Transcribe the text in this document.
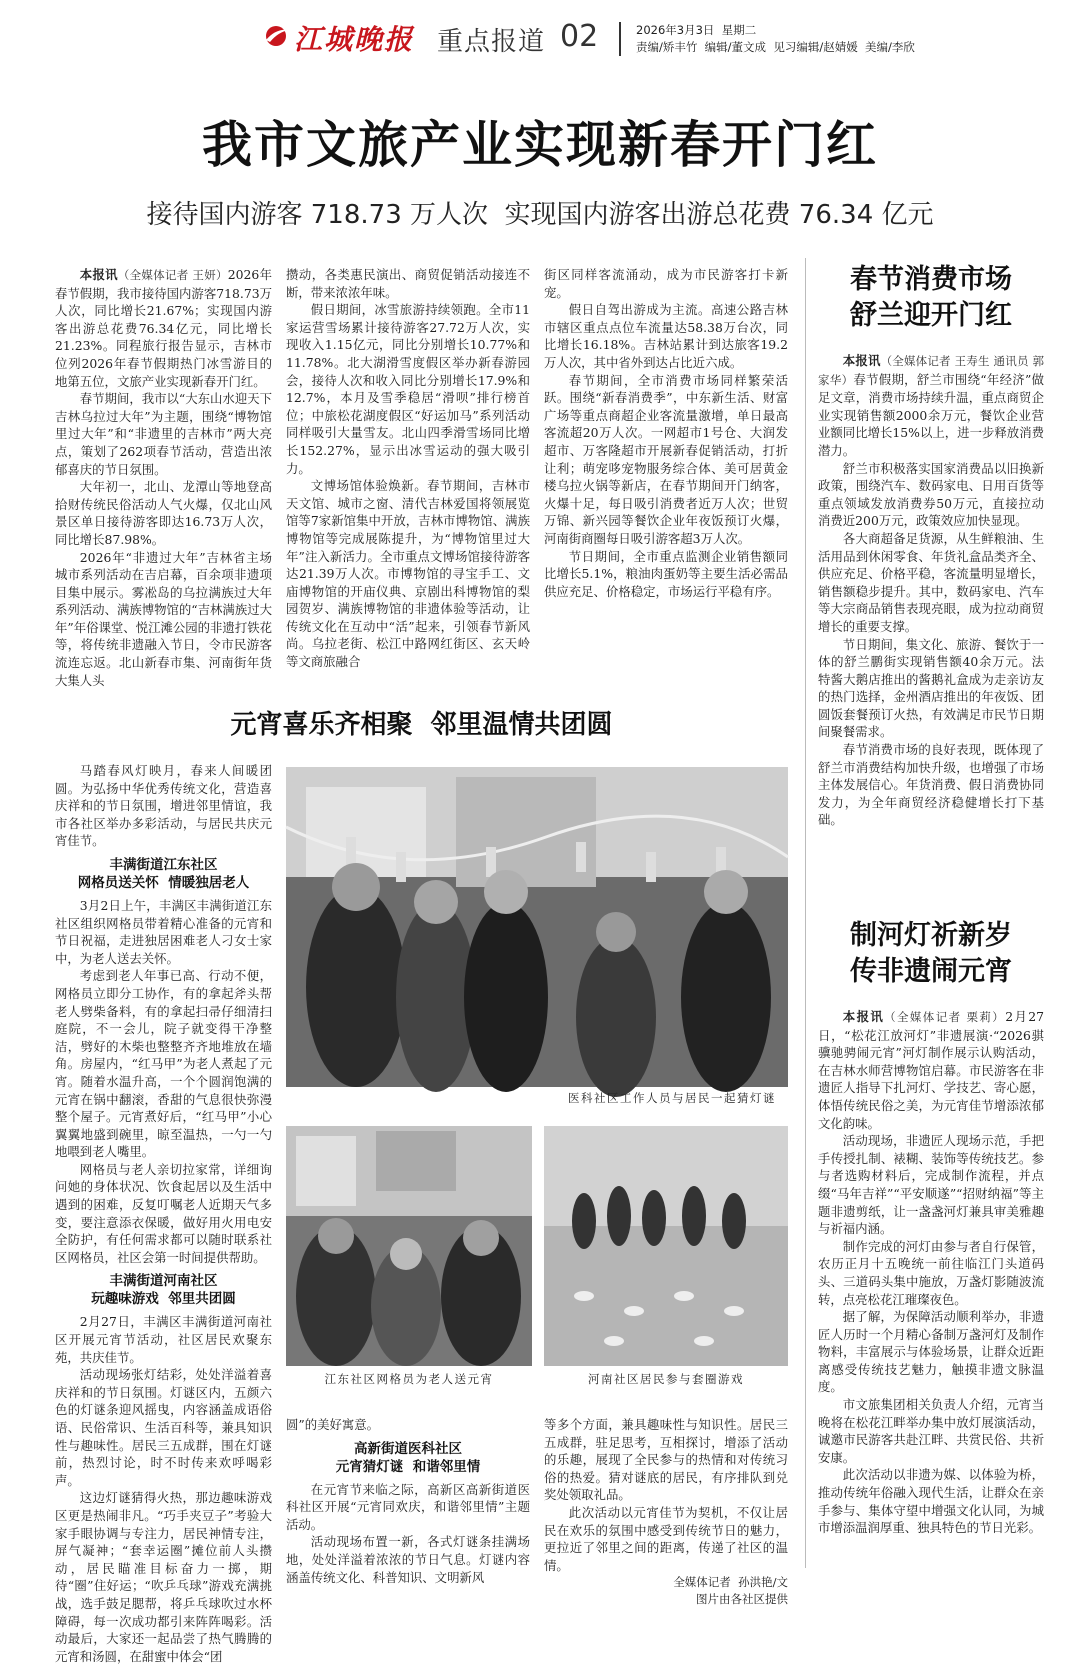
江城晚报 重点报道 02	2026年3月3日 星期二
责编/矫丰竹  编辑/董文成  见习编辑/赵婧媛  美编/李欣
我市文旅产业实现新春开门红
接待国内游客 718.73 万人次  实现国内游客出游总花费 76.34 亿元

本报讯（全媒体记者 王妍）2026年春节假期，我市接待国内游客718.73万人次，同比增长21.67%；实现国内游客出游总花费76.34亿元，同比增长21.23%。同程旅行报告显示，吉林市位列2026年春节假期热门冰雪游目的地第五位，文旅产业实现新春开门红。

春节期间，我市以“大东山水迎天下 吉林乌拉过大年”为主题，围绕“博物馆里过大年”和“非遗里的吉林市”两大亮点，策划了262项春节活动，营造出浓郁喜庆的节日氛围。

大年初一，北山、龙潭山等地登高拾财传统民俗活动人气火爆，仅北山风景区单日接待游客即达16.73万人次，同比增长87.98%。

2026年“非遗过大年”吉林省主场城市系列活动在吉启幕，百余项非遗项目集中展示。雾凇岛的乌拉满族过大年系列活动、满族博物馆的“吉林满族过大年”年俗课堂、悦江滩公园的非遗打铁花等，将传统非遗融入节日，令市民游客流连忘返。北山新春市集、河南街年货大集人头

攒动，各类惠民演出、商贸促销活动接连不断，带来浓浓年味。

假日期间，冰雪旅游持续领跑。全市11家运营雪场累计接待游客27.72万人次，实现收入1.15亿元，同比分别增长10.77%和11.78%。北大湖滑雪度假区举办新春游园会，接待人次和收入同比分别增长17.9%和12.7%，本月及雪季稳居“滑呗”排行榜首位；中旅松花湖度假区“好运加马”系列活动同样吸引大量雪友。北山四季滑雪场同比增长152.27%，显示出冰雪运动的强大吸引力。

文博场馆体验焕新。春节期间，吉林市天文馆、城市之窗、清代吉林爱国将领展览馆等7家新馆集中开放，吉林市博物馆、满族博物馆等完成展陈提升，为“博物馆里过大年”注入新活力。全市重点文博场馆接待游客达21.39万人次。市博物馆的寻宝手工、文庙博物馆的开庙仪典、京剧出科博物馆的梨园贺岁、满族博物馆的非遗体验等活动，让传统文化在互动中“活”起来，引领春节新风尚。乌拉老街、松江中路网红街区、玄天岭等文商旅融合

街区同样客流涌动，成为市民游客打卡新宠。

假日自驾出游成为主流。高速公路吉林市辖区重点点位车流量达58.38万台次，同比增长16.18%。吉林站累计到达旅客19.2万人次，其中省外到达占比近六成。

春节期间，全市消费市场同样繁荣活跃。围绕“新春消费季”，中东新生活、财富广场等重点商超企业客流量激增，单日最高客流超20万人次。一网超市1号仓、大润发超市、万客隆超市开展新春促销活动，打折让利；萌宠哆宠物服务综合体、美可居黄金楼乌拉火锅等新店，在春节期间开门纳客，火爆十足，每日吸引消费者近万人次；世贸万锦、新兴园等餐饮企业年夜饭预订火爆，河南街商圈每日吸引游客超3万人次。

节日期间，全市重点监测企业销售额同比增长5.1%，粮油肉蛋奶等主要生活必需品供应充足、价格稳定，市场运行平稳有序。

春节消费市场
舒兰迎开门红

本报讯（全媒体记者 王寿生 通讯员 郭家华）春节假期，舒兰市围绕“年经济”做足文章，消费市场持续升温，重点商贸企业实现销售额2000余万元，餐饮企业营业额同比增长15%以上，进一步释放消费潜力。

舒兰市积极落实国家消费品以旧换新政策，围绕汽车、数码家电、日用百货等重点领域发放消费券50万元，直接拉动消费近200万元，政策效应加快显现。

各大商超备足货源，从生鲜粮油、生活用品到休闲零食、年货礼盒品类齐全、供应充足、价格平稳，客流量明显增长，销售额稳步提升。其中，数码家电、汽车等大宗商品销售表现亮眼，成为拉动商贸增长的重要支撑。

节日期间，集文化、旅游、餐饮于一体的舒兰鹏街实现销售额40余万元。法特酱大鹅店推出的酱鹅礼盒成为走亲访友的热门选择，金州酒店推出的年夜饭、团圆饭套餐预订火热，有效满足市民节日期间聚餐需求。

春节消费市场的良好表现，既体现了舒兰市消费结构加快升级，也增强了市场主体发展信心。年货消费、假日消费协同发力，为全年商贸经济稳健增长打下基础。

制河灯祈新岁
传非遗闹元宵

本报讯（全媒体记者 栗莉）2月27日，“松花江放河灯”非遗展演·“2026骐骥驰骋闹元宵”河灯制作展示认购活动，在吉林水师营博物馆启幕。市民游客在非遗匠人指导下扎河灯、学技艺、寄心愿，体悟传统民俗之美，为元宵佳节增添浓郁文化韵味。

活动现场，非遗匠人现场示范，手把手传授扎制、裱糊、装饰等传统技艺。参与者选购材料后，完成制作流程，并点缀“马年吉祥”“平安顺遂”“招财纳福”等主题非遗剪纸，让一盏盏河灯兼具审美雅趣与祈福内涵。

制作完成的河灯由参与者自行保管，农历正月十五晚统一前往临江门头道码头、三道码头集中施放，万盏灯影随波流转，点亮松花江璀璨夜色。

据了解，为保障活动顺利举办，非遗匠人历时一个月精心备制万盏河灯及制作物料，丰富展示与体验场景，让群众近距离感受传统技艺魅力，触摸非遗文脉温度。

市文旅集团相关负责人介绍，元宵当晚将在松花江畔举办集中放灯展演活动，诚邀市民游客共赴江畔、共赏民俗、共祈安康。

此次活动以非遗为媒、以体验为桥，推动传统年俗融入现代生活，让群众在亲手参与、集体守望中增强文化认同，为城市增添温润厚重、独具特色的节日光彩。

元宵喜乐齐相聚  邻里温情共团圆

马踏春风灯映月，春来人间暖团圆。为弘扬中华优秀传统文化，营造喜庆祥和的节日氛围，增进邻里情谊，我市各社区举办多彩活动，与居民共庆元宵佳节。

丰满街道江东社区
网格员送关怀  情暖独居老人

3月2日上午，丰满区丰满街道江东社区组织网格员带着精心准备的元宵和节日祝福，走进独居困难老人刁女士家中，为老人送去关怀。

考虑到老人年事已高、行动不便，网格员立即分工协作，有的拿起斧头帮老人劈柴备料，有的拿起扫帚仔细清扫庭院，不一会儿，院子就变得干净整洁，劈好的木柴也整整齐齐地堆放在墙角。房屋内，“红马甲”为老人煮起了元宵。随着水温升高，一个个圆润饱满的元宵在锅中翻滚，香甜的气息很快弥漫整个屋子。元宵煮好后，“红马甲”小心翼翼地盛到碗里，晾至温热，一勺一勺地喂到老人嘴里。

网格员与老人亲切拉家常，详细询问她的身体状况、饮食起居以及生活中遇到的困难，反复叮嘱老人近期天气多变，要注意添衣保暖，做好用火用电安全防护，有任何需求都可以随时联系社区网格员，社区会第一时间提供帮助。

丰满街道河南社区
玩趣味游戏  邻里共团圆

2月27日，丰满区丰满街道河南社区开展元宵节活动，社区居民欢聚东苑，共庆佳节。

活动现场张灯结彩，处处洋溢着喜庆祥和的节日氛围。灯谜区内，五颜六色的灯谜条迎风摇曳，内容涵盖成语俗语、民俗常识、生活百科等，兼具知识性与趣味性。居民三五成群，围在灯谜前，热烈讨论，时不时传来欢呼喝彩声。

这边灯谜猜得火热，那边趣味游戏区更是热闹非凡。“巧手夹豆子”考验大家手眼协调与专注力，居民神情专注，屏气凝神；“套幸运圈”摊位前人头攒动，居民瞄准目标奋力一掷，期待“圈”住好运；“吹乒乓球”游戏充满挑战，选手鼓足腮帮，将乒乓球吹过水杯障碍，每一次成功都引来阵阵喝彩。活动最后，大家还一起品尝了热气腾腾的元宵和汤圆，在甜蜜中体会“团

圆”的美好寓意。

高新街道医科社区
元宵猜灯谜  和谐邻里情

在元宵节来临之际，高新区高新街道医科社区开展“元宵同欢庆，和谐邻里情”主题活动。

活动现场布置一新，各式灯谜条挂满场地，处处洋溢着浓浓的节日气息。灯谜内容涵盖传统文化、科普知识、文明新风

等多个方面，兼具趣味性与知识性。居民三五成群，驻足思考，互相探讨，增添了活动的乐趣，展现了全民参与的热情和对传统习俗的热爱。猜对谜底的居民，有序排队到兑奖处领取礼品。

此次活动以元宵佳节为契机，不仅让居民在欢乐的氛围中感受到传统节日的魅力，更拉近了邻里之间的距离，传递了社区的温情。

全媒体记者  孙洪艳/文
图片由各社区提供
医科社区工作人员与居民一起猜灯谜
江东社区网格员为老人送元宵	河南社区居民参与套圈游戏
